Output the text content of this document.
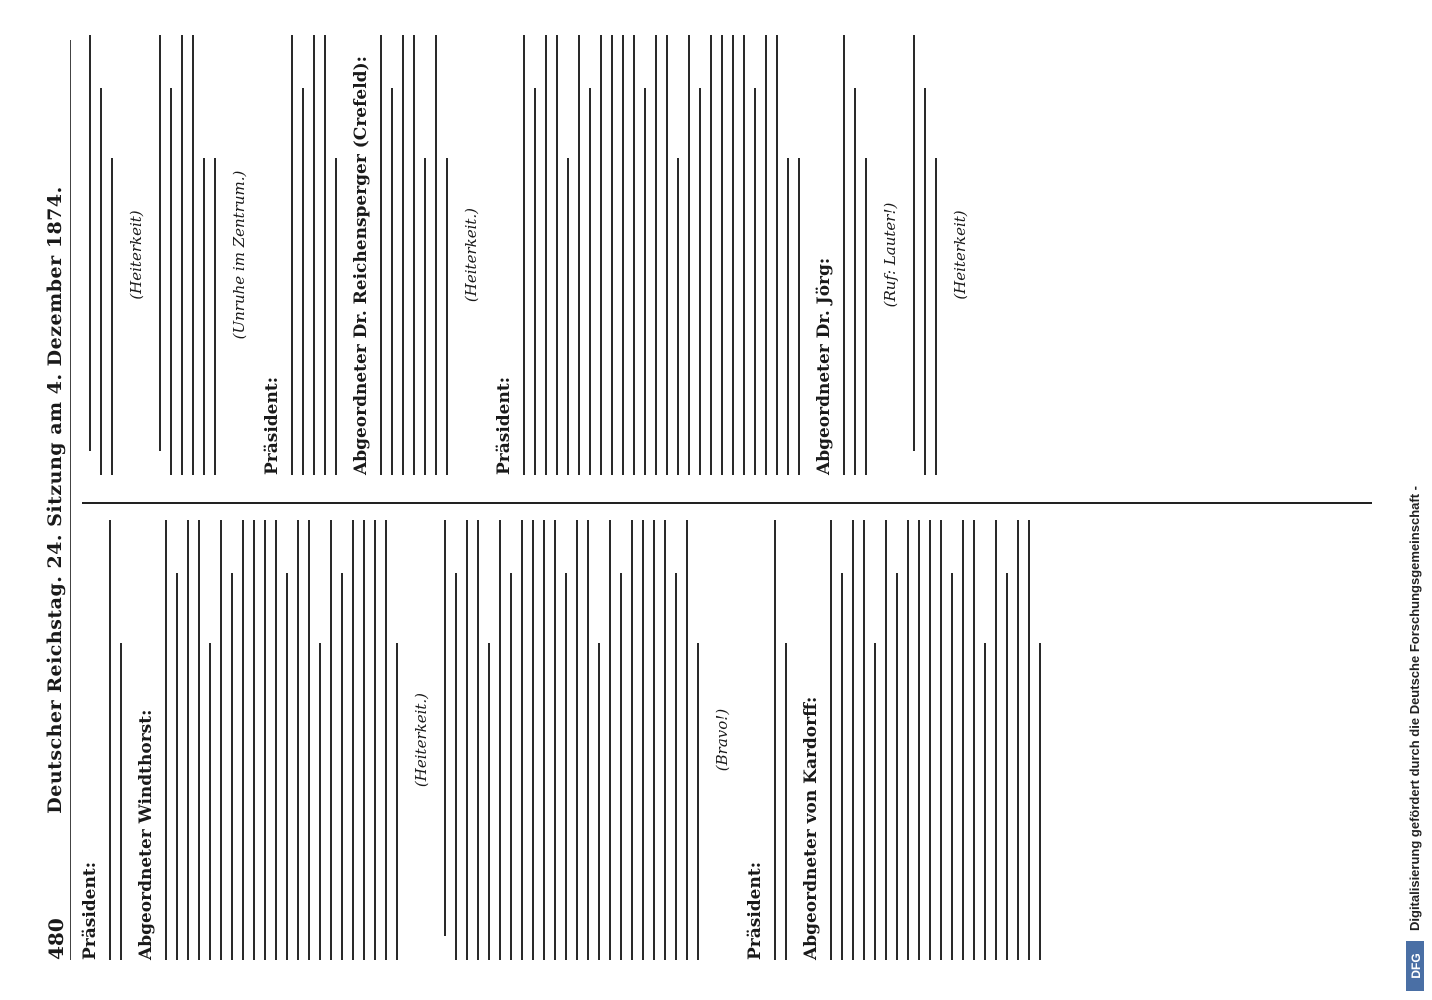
480
Deutscher Reichstag. 24. Sitzung am 4. Dezember 1874.
Präsident: Abgeordneter Windthorst:	(Heiterkeit.)	(Bravo!)
Präsident: Abgeordneter von Kardorff:
(Heiterkeit)	(Unruhe im Zentrum.)
Präsident:	Abgeordneter Dr. Reichensperger (Crefeld):	(Heiterkeit.)
Präsident:	Abgeordneter Dr. Jörg:
(Ruf: Lauter!)	(Heiterkeit)
Digitalisierung gefördert durch die Deutsche Forschungsgemeinschaft -
DFG
